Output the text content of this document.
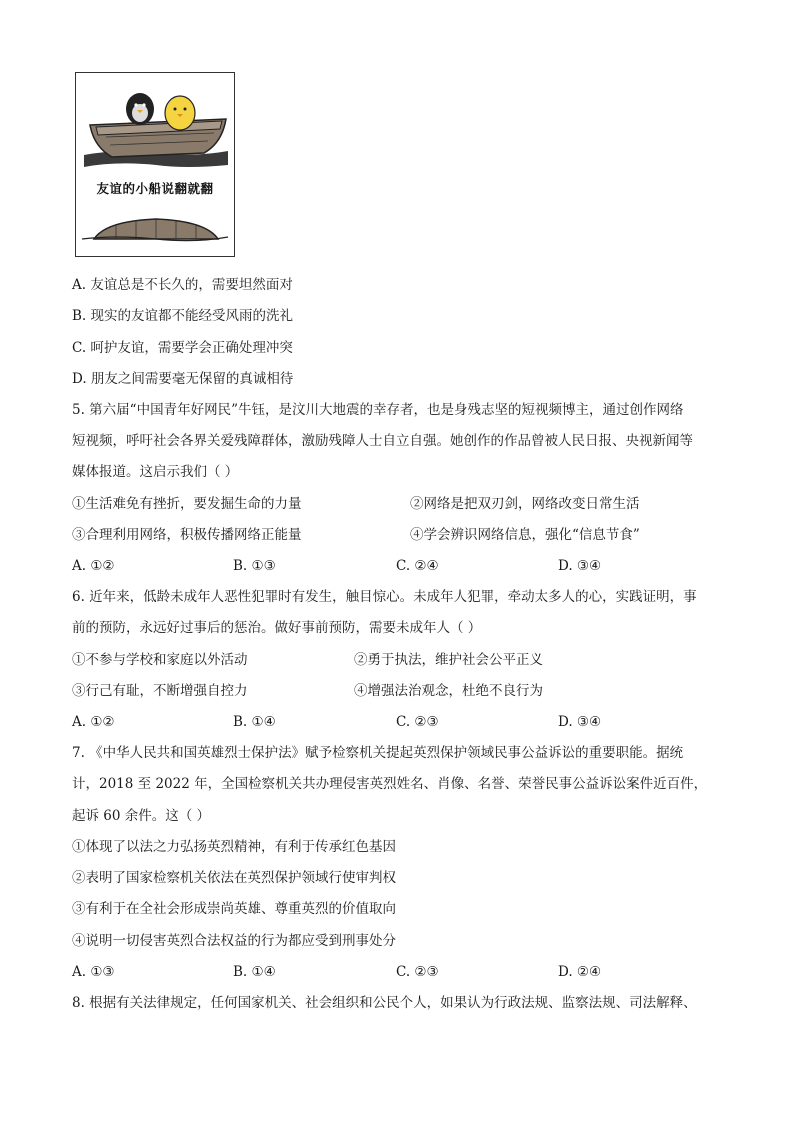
友谊的小船说翻就翻
A. 友谊总是不长久的，需要坦然面对
B. 现实的友谊都不能经受风雨的洗礼
C. 呵护友谊，需要学会正确处理冲突
D. 朋友之间需要毫无保留的真诚相待
5. 第六届“中国青年好网民”牛钰，是汶川大地震的幸存者，也是身残志坚的短视频博主，通过创作网络
短视频，呼吁社会各界关爱残障群体，激励残障人士自立自强。她创作的作品曾被人民日报、央视新闻等
媒体报道。这启示我们（ ）
①生活难免有挫折，要发掘生命的力量	②网络是把双刃剑，网络改变日常生活
③合理利用网络，积极传播网络正能量	④学会辨识网络信息，强化“信息节食”
A. ①②	B. ①③	C. ②④	D. ③④
6. 近年来，低龄未成年人恶性犯罪时有发生，触目惊心。未成年人犯罪，牵动太多人的心，实践证明，事
前的预防，永远好过事后的惩治。做好事前预防，需要未成年人（ ）
①不参与学校和家庭以外活动	②勇于执法，维护社会公平正义
③行己有耻，不断增强自控力	④增强法治观念，杜绝不良行为
A. ①②	B. ①④	C. ②③	D. ③④
7. 《中华人民共和国英雄烈士保护法》赋予检察机关提起英烈保护领域民事公益诉讼的重要职能。据统
计，2018 至 2022 年，全国检察机关共办理侵害英烈姓名、肖像、名誉、荣誉民事公益诉讼案件近百件，
起诉 60 余件。这（ ）
①体现了以法之力弘扬英烈精神，有利于传承红色基因
②表明了国家检察机关依法在英烈保护领域行使审判权
③有利于在全社会形成崇尚英雄、尊重英烈的价值取向
④说明一切侵害英烈合法权益的行为都应受到刑事处分
A. ①③	B. ①④	C. ②③	D. ②④
8. 根据有关法律规定，任何国家机关、社会组织和公民个人，如果认为行政法规、监察法规、司法解释、
